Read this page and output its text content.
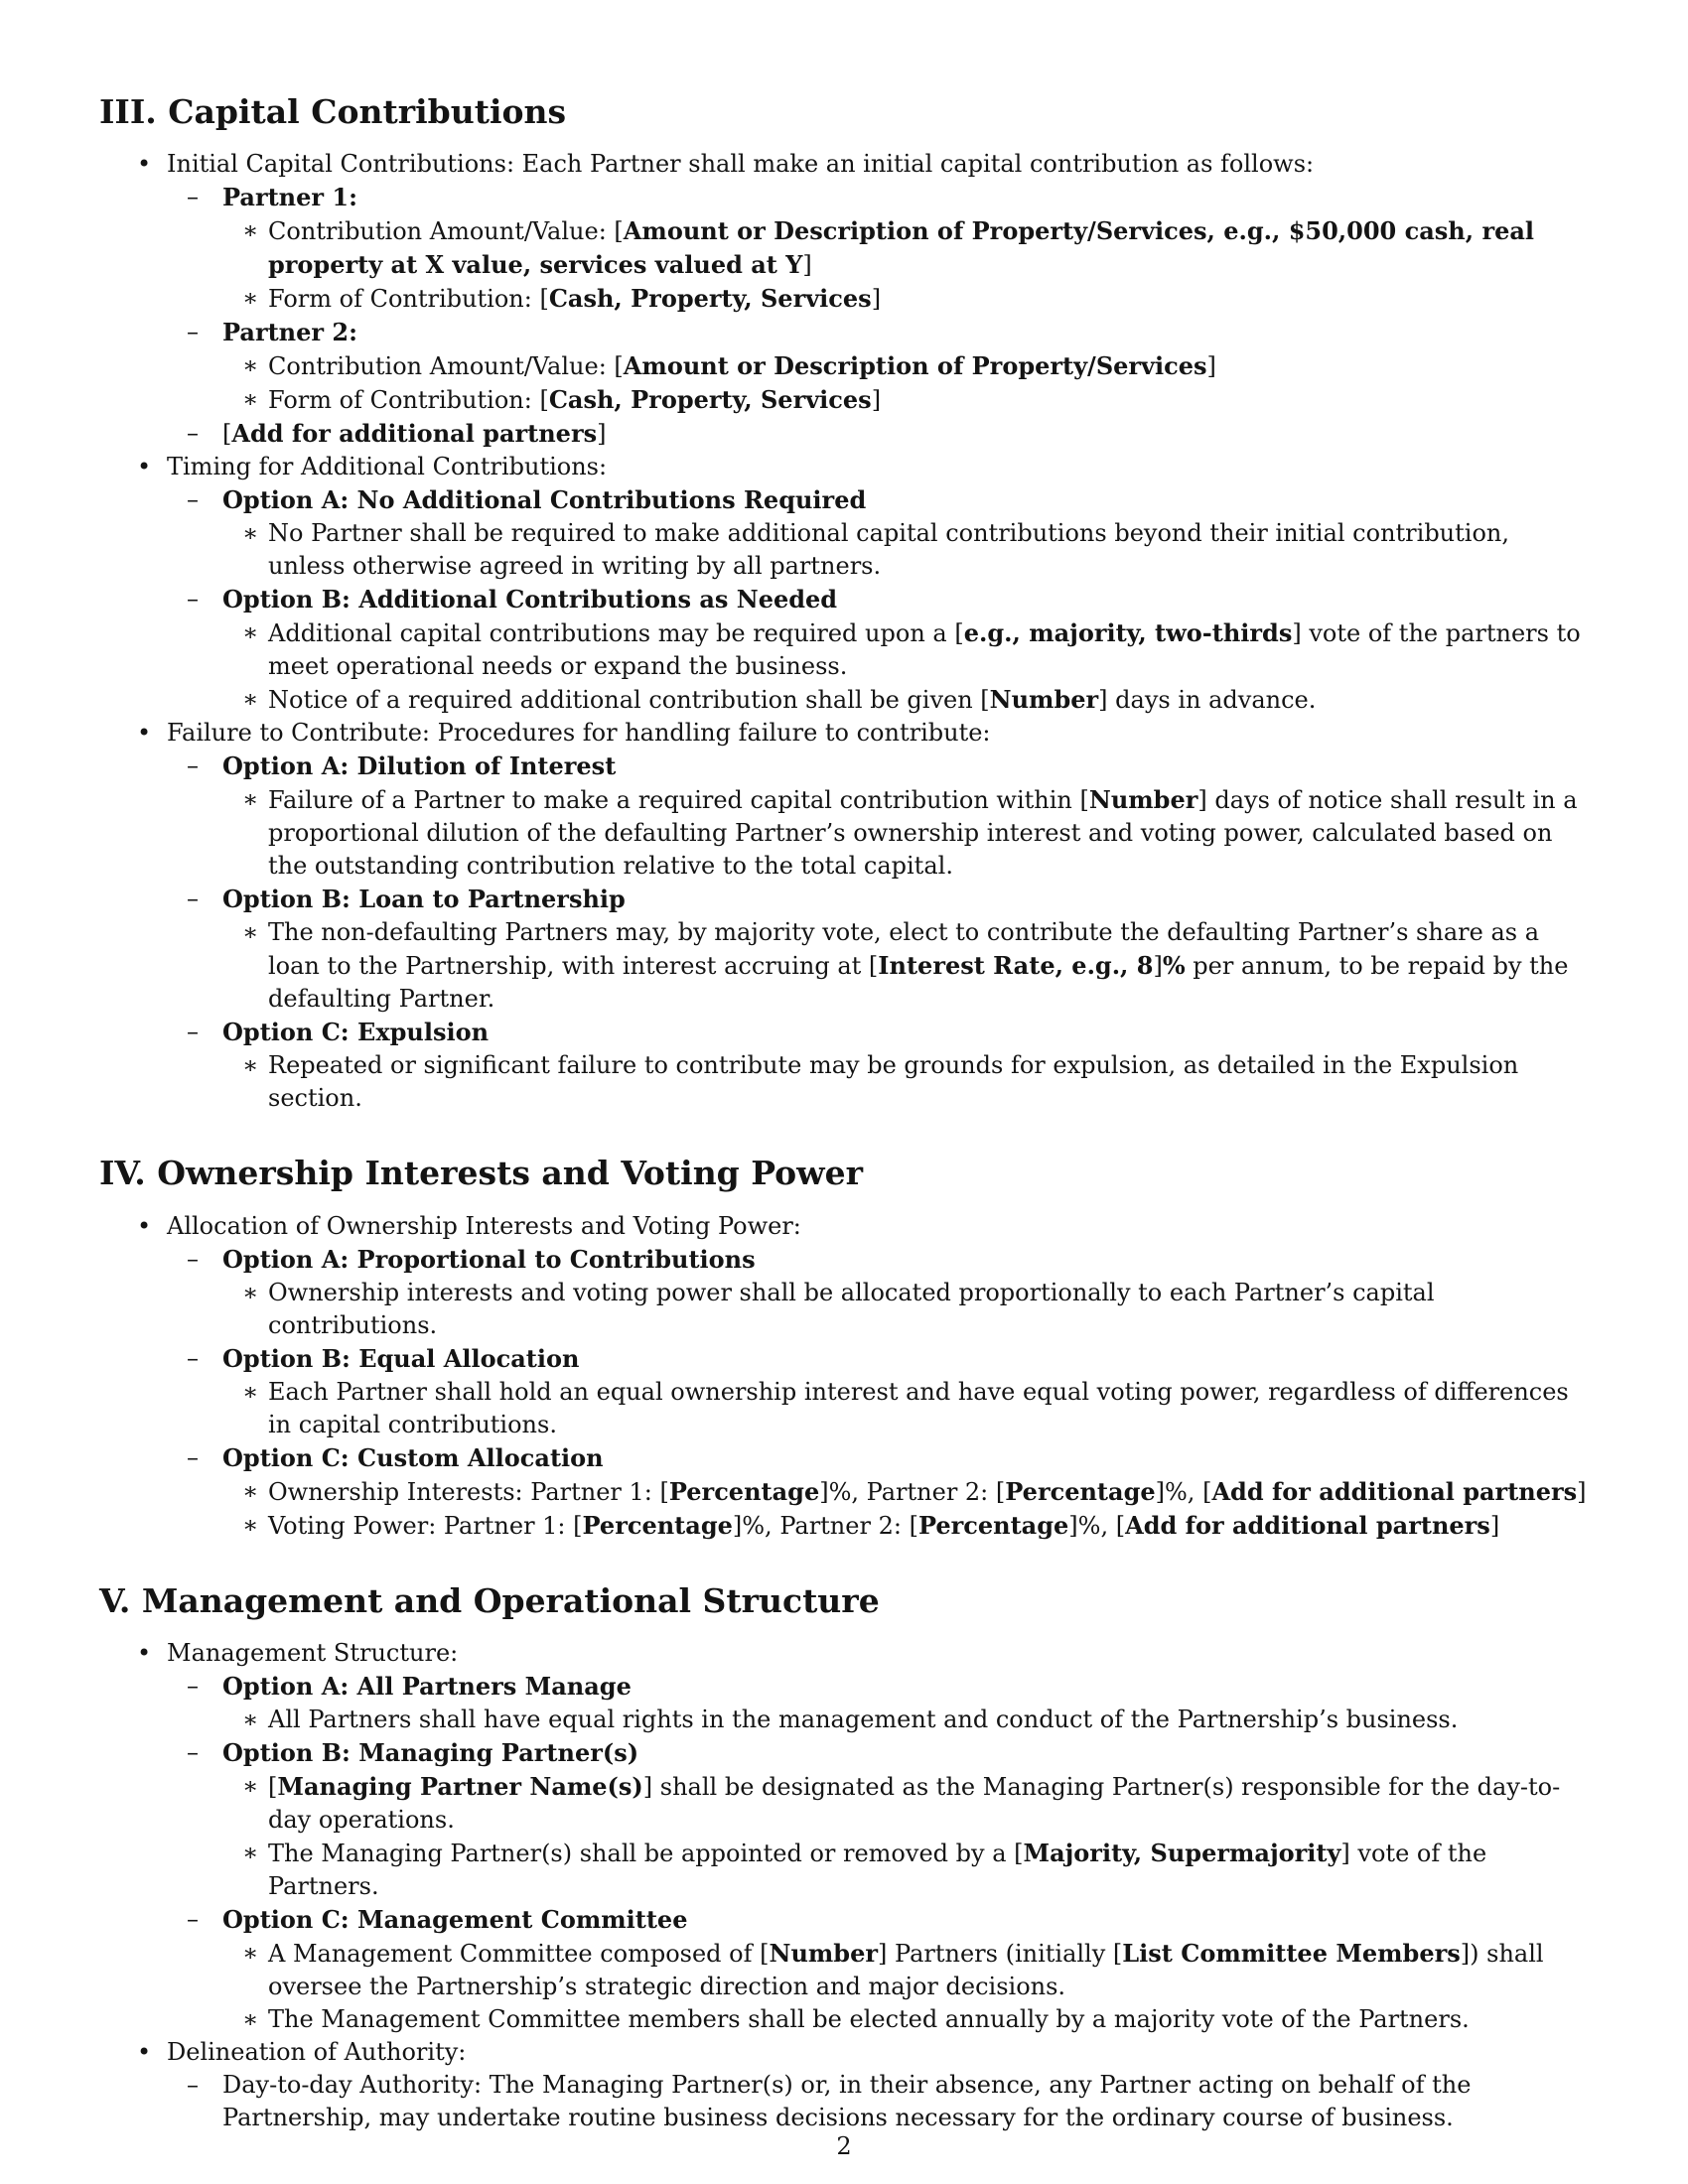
III. Capital Contributions
• Initial Capital Contributions: Each Partner shall make an initial capital contribution as follows:
– Partner 1:
∗ Contribution Amount/Value: [Amount or Description of Property/Services, e.g., $50,000 cash, real property at X value, services valued at Y]
∗ Form of Contribution: [Cash, Property, Services]
– Partner 2:
∗ Contribution Amount/Value: [Amount or Description of Property/Services]
∗ Form of Contribution: [Cash, Property, Services]
– [Add for additional partners]
• Timing for Additional Contributions:
– Option A: No Additional Contributions Required
∗ No Partner shall be required to make additional capital contributions beyond their initial contribution, unless otherwise agreed in writing by all partners.
– Option B: Additional Contributions as Needed
∗ Additional capital contributions may be required upon a [e.g., majority, two-thirds] vote of the partners to meet operational needs or expand the business.
∗ Notice of a required additional contribution shall be given [Number] days in advance.
• Failure to Contribute: Procedures for handling failure to contribute:
– Option A: Dilution of Interest
∗ Failure of a Partner to make a required capital contribution within [Number] days of notice shall result in a proportional dilution of the defaulting Partner’s ownership interest and voting power, calculated based on the outstanding contribution relative to the total capital.
– Option B: Loan to Partnership
∗ The non-defaulting Partners may, by majority vote, elect to contribute the defaulting Partner’s share as a loan to the Partnership, with interest accruing at [Interest Rate, e.g., 8]% per annum, to be repaid by the defaulting Partner.
– Option C: Expulsion
∗ Repeated or significant failure to contribute may be grounds for expulsion, as detailed in the Expulsion section.
IV. Ownership Interests and Voting Power
• Allocation of Ownership Interests and Voting Power:
– Option A: Proportional to Contributions
∗ Ownership interests and voting power shall be allocated proportionally to each Partner’s capital contributions.
– Option B: Equal Allocation
∗ Each Partner shall hold an equal ownership interest and have equal voting power, regardless of differences in capital contributions.
– Option C: Custom Allocation
∗ Ownership Interests: Partner 1: [Percentage]%, Partner 2: [Percentage]%, [Add for additional partners]
∗ Voting Power: Partner 1: [Percentage]%, Partner 2: [Percentage]%, [Add for additional partners]
V. Management and Operational Structure
• Management Structure:
– Option A: All Partners Manage
∗ All Partners shall have equal rights in the management and conduct of the Partnership’s business.
– Option B: Managing Partner(s)
∗ [Managing Partner Name(s)] shall be designated as the Managing Partner(s) responsible for the day-to-day operations.
∗ The Managing Partner(s) shall be appointed or removed by a [Majority, Supermajority] vote of the Partners.
– Option C: Management Committee
∗ A Management Committee composed of [Number] Partners (initially [List Committee Members]) shall oversee the Partnership’s strategic direction and major decisions.
∗ The Management Committee members shall be elected annually by a majority vote of the Partners.
• Delineation of Authority:
– Day-to-day Authority: The Managing Partner(s) or, in their absence, any Partner acting on behalf of the Partnership, may undertake routine business decisions necessary for the ordinary course of business.
2
